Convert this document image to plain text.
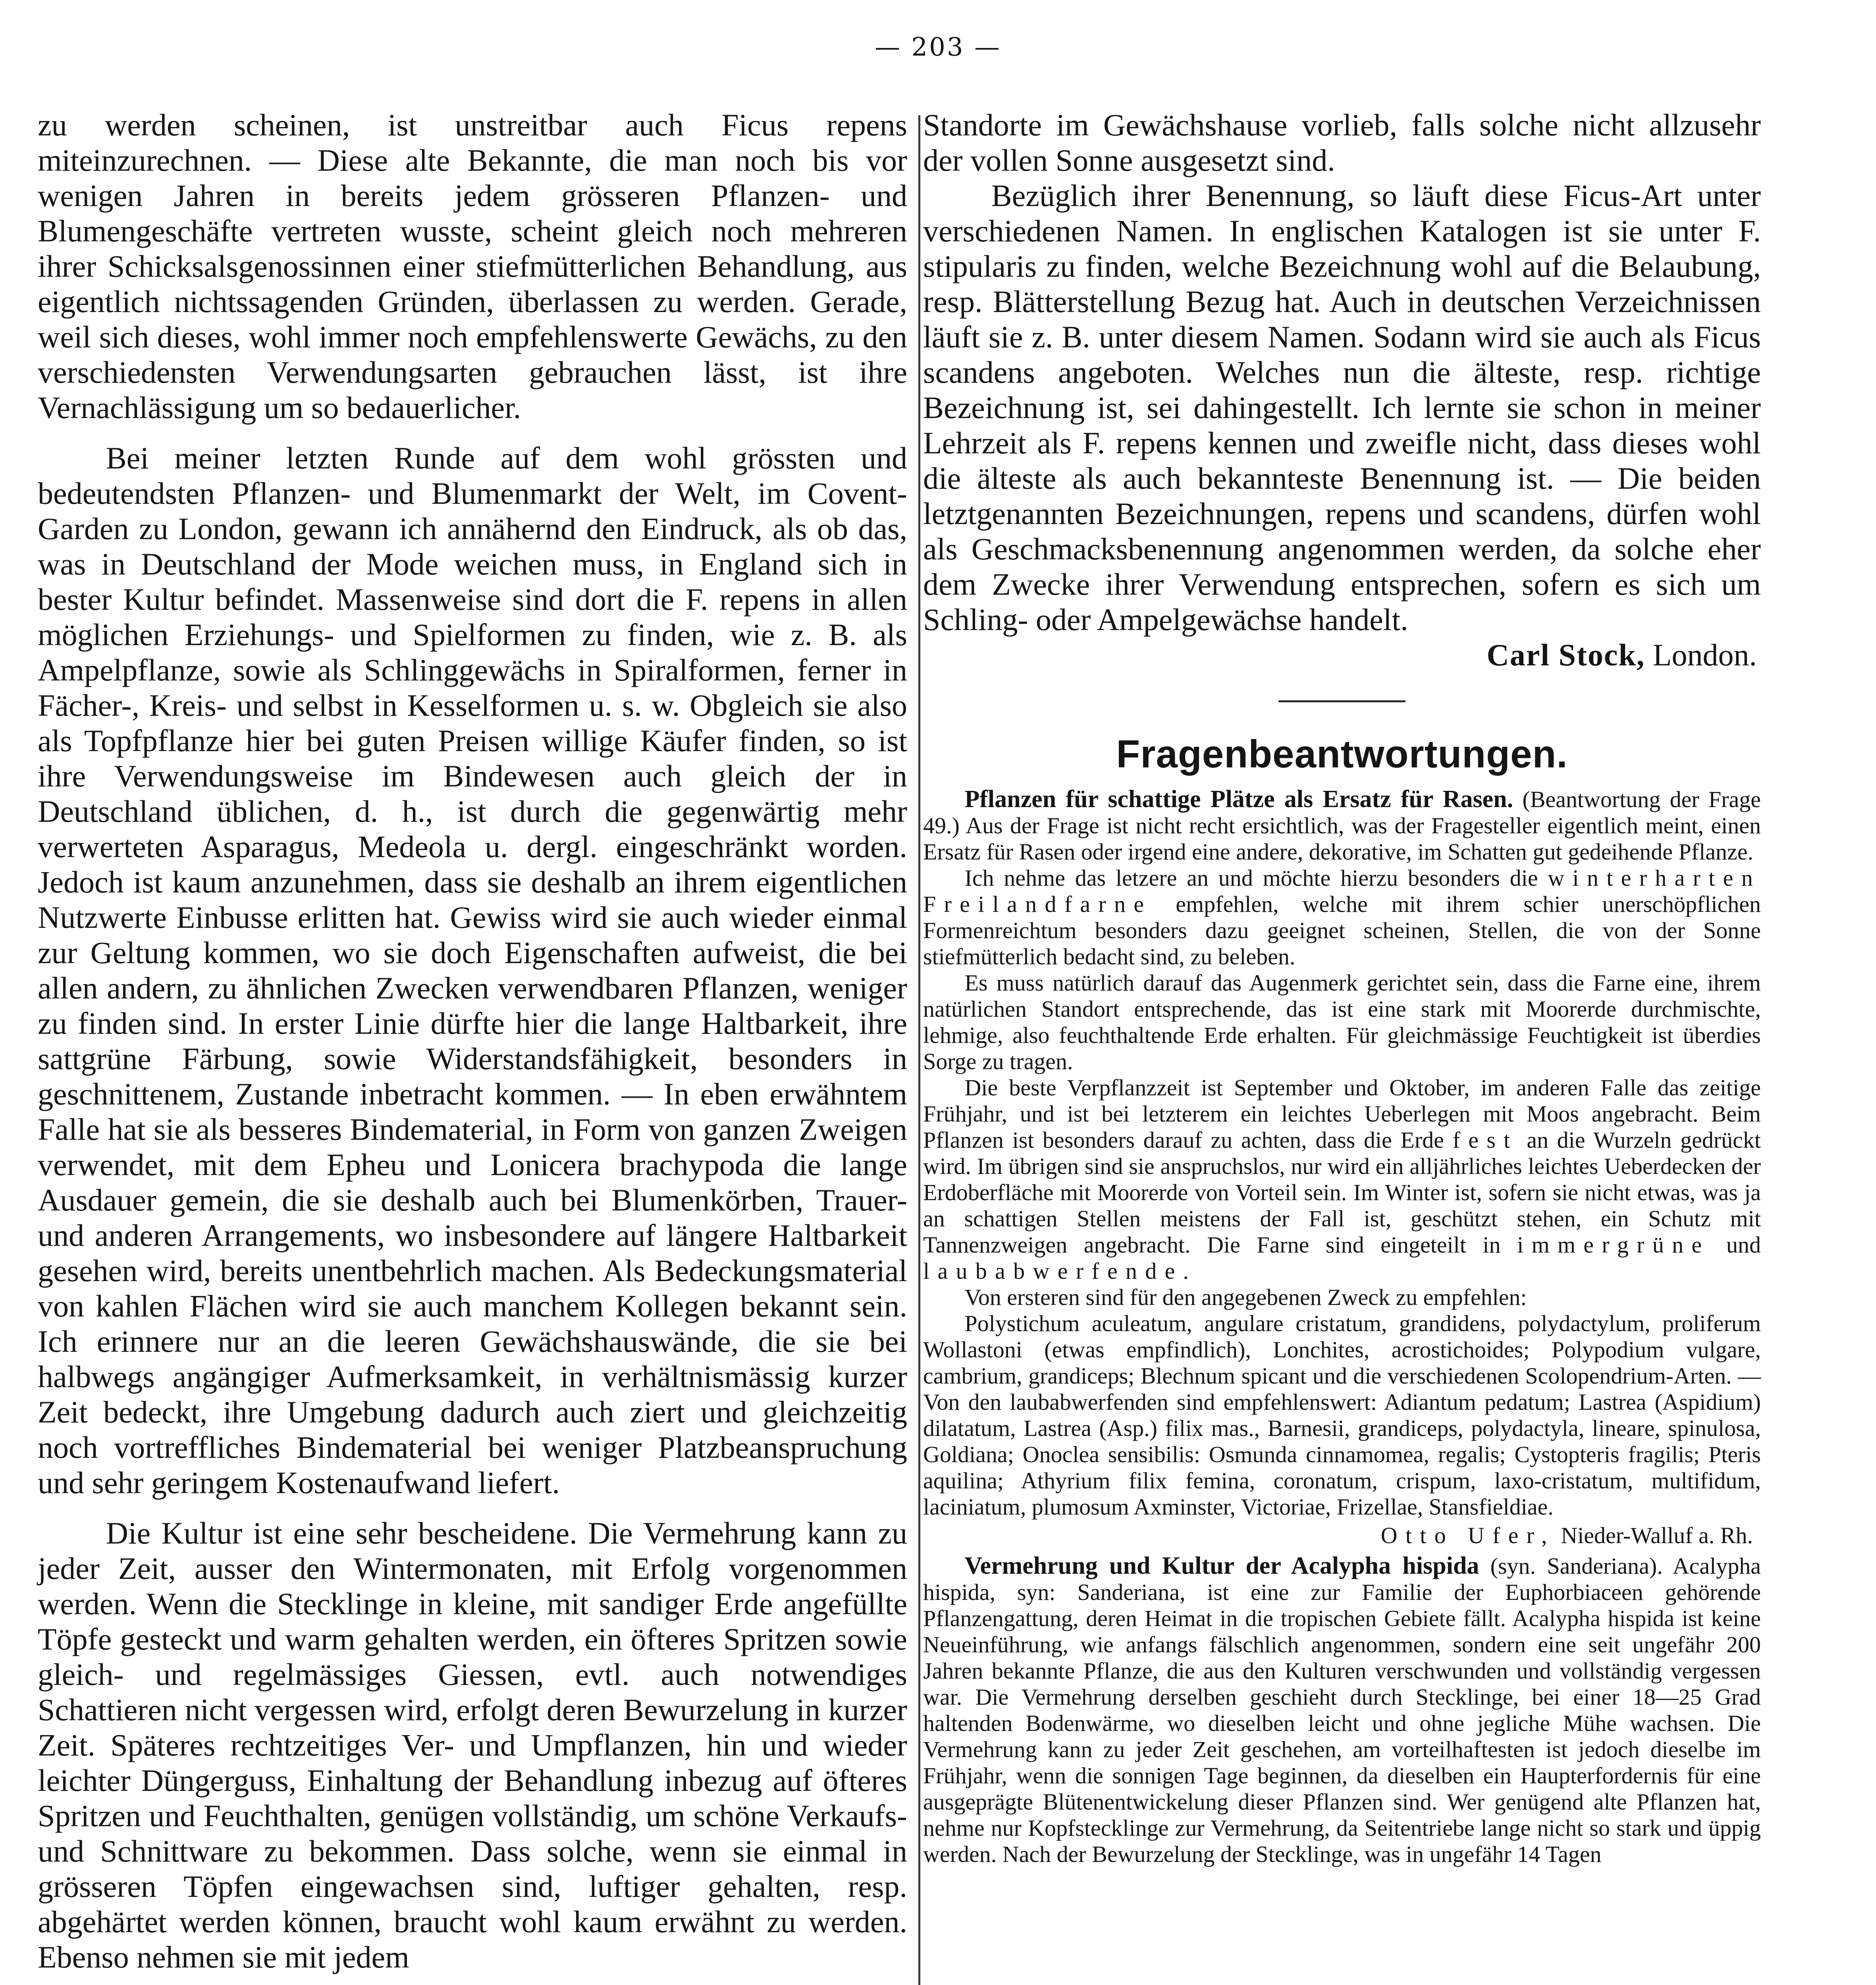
— 203 —

zu werden scheinen, ist unstreitbar auch Ficus repens miteinzurechnen. — Diese alte Bekannte, die man noch bis vor wenigen Jahren in bereits jedem grösseren Pflanzen- und Blumengeschäfte vertreten wusste, scheint gleich noch mehreren ihrer Schicksalsgenossinnen einer stiefmütterlichen Behandlung, aus eigentlich nichtssagenden Gründen, überlassen zu werden. Gerade, weil sich dieses, wohl immer noch empfehlenswerte Gewächs, zu den verschiedensten Verwendungsarten gebrauchen lässt, ist ihre Vernachlässigung um so bedauerlicher.

Bei meiner letzten Runde auf dem wohl grössten und bedeutendsten Pflanzen- und Blumenmarkt der Welt, im Covent-Garden zu London, gewann ich annähernd den Eindruck, als ob das, was in Deutschland der Mode weichen muss, in England sich in bester Kultur befindet. Massenweise sind dort die F. repens in allen möglichen Erziehungs- und Spielformen zu finden, wie z. B. als Ampelpflanze, sowie als Schlinggewächs in Spiralformen, ferner in Fächer-, Kreis- und selbst in Kesselformen u. s. w. Obgleich sie also als Topfpflanze hier bei guten Preisen willige Käufer finden, so ist ihre Verwendungsweise im Bindewesen auch gleich der in Deutschland üblichen, d. h., ist durch die gegenwärtig mehr verwerteten Asparagus, Medeola u. dergl. eingeschränkt worden. Jedoch ist kaum anzunehmen, dass sie deshalb an ihrem eigentlichen Nutzwerte Einbusse erlitten hat. Gewiss wird sie auch wieder einmal zur Geltung kommen, wo sie doch Eigenschaften aufweist, die bei allen andern, zu ähnlichen Zwecken verwendbaren Pflanzen, weniger zu finden sind. In erster Linie dürfte hier die lange Haltbarkeit, ihre sattgrüne Färbung, sowie Widerstandsfähigkeit, besonders in geschnittenem, Zustande inbetracht kommen. — In eben erwähntem Falle hat sie als besseres Bindematerial, in Form von ganzen Zweigen verwendet, mit dem Epheu und Lonicera brachypoda die lange Ausdauer gemein, die sie deshalb auch bei Blumenkörben, Trauer- und anderen Arrangements, wo insbesondere auf längere Haltbarkeit gesehen wird, bereits unentbehrlich machen. Als Bedeckungsmaterial von kahlen Flächen wird sie auch manchem Kollegen bekannt sein. Ich erinnere nur an die leeren Gewächshauswände, die sie bei halbwegs angängiger Aufmerksamkeit, in verhältnismässig kurzer Zeit bedeckt, ihre Umgebung dadurch auch ziert und gleichzeitig noch vortreffliches Bindematerial bei weniger Platzbeanspruchung und sehr geringem Kostenaufwand liefert.

Die Kultur ist eine sehr bescheidene. Die Vermehrung kann zu jeder Zeit, ausser den Wintermonaten, mit Erfolg vorgenommen werden. Wenn die Stecklinge in kleine, mit sandiger Erde angefüllte Töpfe gesteckt und warm gehalten werden, ein öfteres Spritzen sowie gleich- und regelmässiges Giessen, evtl. auch notwendiges Schattieren nicht vergessen wird, erfolgt deren Bewurzelung in kurzer Zeit. Späteres rechtzeitiges Ver- und Umpflanzen, hin und wieder leichter Düngerguss, Einhaltung der Behandlung inbezug auf öfteres Spritzen und Feuchthalten, genügen vollständig, um schöne Verkaufs- und Schnittware zu bekommen. Dass solche, wenn sie einmal in grösseren Töpfen eingewachsen sind, luftiger gehalten, resp. abgehärtet werden können, braucht wohl kaum erwähnt zu werden. Ebenso nehmen sie mit jedem

Standorte im Gewächshause vorlieb, falls solche nicht allzusehr der vollen Sonne ausgesetzt sind.

Bezüglich ihrer Benennung, so läuft diese Ficus-Art unter verschiedenen Namen. In englischen Katalogen ist sie unter F. stipularis zu finden, welche Bezeichnung wohl auf die Belaubung, resp. Blätterstellung Bezug hat. Auch in deutschen Verzeichnissen läuft sie z. B. unter diesem Namen. Sodann wird sie auch als Ficus scandens angeboten. Welches nun die älteste, resp. richtige Bezeichnung ist, sei dahingestellt. Ich lernte sie schon in meiner Lehrzeit als F. repens kennen und zweifle nicht, dass dieses wohl die älteste als auch bekannteste Benennung ist. — Die beiden letztgenannten Bezeichnungen, repens und scandens, dürfen wohl als Geschmacksbenennung angenommen werden, da solche eher dem Zwecke ihrer Verwendung entsprechen, sofern es sich um Schling- oder Ampelgewächse handelt.

Carl Stock, London.
Fragenbeantwortungen.

Pflanzen für schattige Plätze als Ersatz für Rasen. (Beantwortung der Frage 49.) Aus der Frage ist nicht recht ersichtlich, was der Fragesteller eigentlich meint, einen Ersatz für Rasen oder irgend eine andere, dekorative, im Schatten gut gedeihende Pflanze.

Ich nehme das letzere an und möchte hierzu besonders die winterharten Freilandfarne empfehlen, welche mit ihrem schier unerschöpflichen Formenreichtum besonders dazu geeignet scheinen, Stellen, die von der Sonne stiefmütterlich bedacht sind, zu beleben.

Es muss natürlich darauf das Augenmerk gerichtet sein, dass die Farne eine, ihrem natürlichen Standort entsprechende, das ist eine stark mit Moorerde durchmischte, lehmige, also feuchthaltende Erde erhalten. Für gleichmässige Feuchtigkeit ist überdies Sorge zu tragen.

Die beste Verpflanzzeit ist September und Oktober, im anderen Falle das zeitige Frühjahr, und ist bei letzterem ein leichtes Ueberlegen mit Moos angebracht. Beim Pflanzen ist besonders darauf zu achten, dass die Erde fest an die Wurzeln gedrückt wird. Im übrigen sind sie anspruchslos, nur wird ein alljährliches leichtes Ueberdecken der Erdoberfläche mit Moorerde von Vorteil sein. Im Winter ist, sofern sie nicht etwas, was ja an schattigen Stellen meistens der Fall ist, geschützt stehen, ein Schutz mit Tannenzweigen angebracht. Die Farne sind eingeteilt in immergrüne und laubabwerfende.

Von ersteren sind für den angegebenen Zweck zu empfehlen:

Polystichum aculeatum, angulare cristatum, grandidens, polydactylum, proliferum Wollastoni (etwas empfindlich), Lonchites, acrostichoides; Polypodium vulgare, cambrium, grandiceps; Blechnum spicant und die verschiedenen Scolopendrium-Arten. — Von den laubabwerfenden sind empfehlenswert: Adiantum pedatum; Lastrea (Aspidium) dilatatum, Lastrea (Asp.) filix mas., Barnesii, grandiceps, polydactyla, lineare, spinulosa, Goldiana; Onoclea sensibilis: Osmunda cinnamomea, regalis; Cystopteris fragilis; Pteris aquilina; Athyrium filix femina, coronatum, crispum, laxo-cristatum, multifidum, laciniatum, plumosum Axminster, Victoriae, Frizellae, Stansfieldiae.

Otto Ufer, Nieder-Walluf a. Rh.

Vermehrung und Kultur der Acalypha hispida (syn. Sanderiana). Acalypha hispida, syn: Sanderiana, ist eine zur Familie der Euphorbiaceen gehörende Pflanzengattung, deren Heimat in die tropischen Gebiete fällt. Acalypha hispida ist keine Neueinführung, wie anfangs fälschlich angenommen, sondern eine seit ungefähr 200 Jahren bekannte Pflanze, die aus den Kulturen verschwunden und vollständig vergessen war. Die Vermehrung derselben geschieht durch Stecklinge, bei einer 18—25 Grad haltenden Bodenwärme, wo dieselben leicht und ohne jegliche Mühe wachsen. Die Vermehrung kann zu jeder Zeit geschehen, am vorteilhaftesten ist jedoch dieselbe im Frühjahr, wenn die sonnigen Tage beginnen, da dieselben ein Haupterfordernis für eine ausgeprägte Blütenentwickelung dieser Pflanzen sind. Wer genügend alte Pflanzen hat, nehme nur Kopfstecklinge zur Vermehrung, da Seitentriebe lange nicht so stark und üppig werden. Nach der Bewurzelung der Stecklinge, was in ungefähr 14 Tagen
